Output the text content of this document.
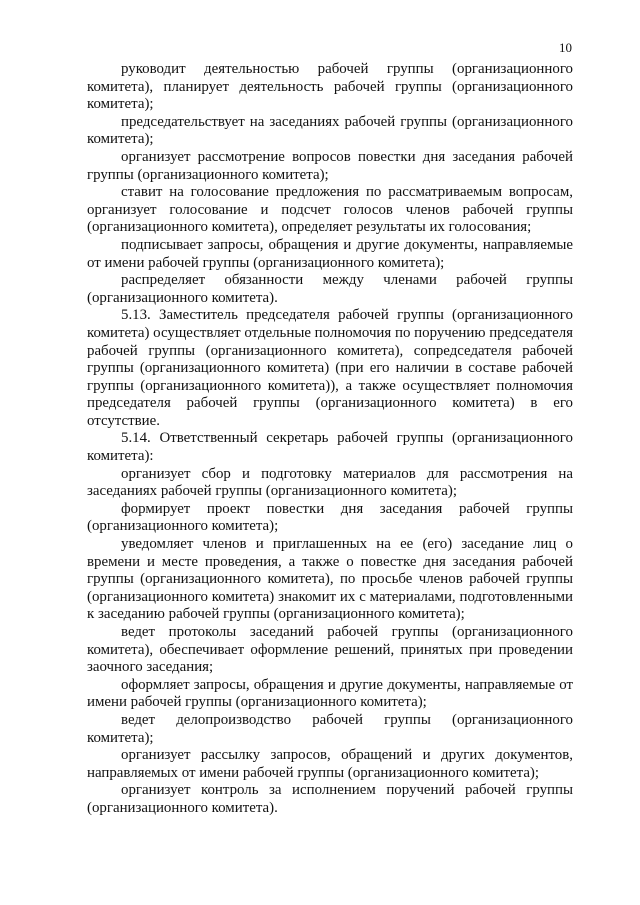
10

руководит деятельностью рабочей группы (организационного комитета), планирует деятельность рабочей группы (организационного комитета);

председательствует на заседаниях рабочей группы (организационного комитета);

организует рассмотрение вопросов повестки дня заседания рабочей группы (организационного комитета);

ставит на голосование предложения по рассматриваемым вопросам, организует голосование и подсчет голосов членов рабочей группы (организационного комитета), определяет результаты их голосования;

подписывает запросы, обращения и другие документы, направляемые от имени рабочей группы (организационного комитета);

распределяет обязанности между членами рабочей группы (организационного комитета).

5.13. Заместитель председателя рабочей группы (организационного комитета) осуществляет отдельные полномочия по поручению председателя рабочей группы (организационного комитета), сопредседателя рабочей группы (организационного комитета) (при его наличии в составе рабочей группы (организационного комитета)), а также осуществляет полномочия председателя рабочей группы (организационного комитета) в его отсутствие.

5.14. Ответственный секретарь рабочей группы (организационного комитета):

организует сбор и подготовку материалов для рассмотрения на заседаниях рабочей группы (организационного комитета);

формирует проект повестки дня заседания рабочей группы (организационного комитета);

уведомляет членов и приглашенных на ее (его) заседание лиц о времени и месте проведения, а также о повестке дня заседания рабочей группы (организационного комитета), по просьбе членов рабочей группы (организационного комитета) знакомит их с материалами, подготовленными к заседанию рабочей группы (организационного комитета);

ведет протоколы заседаний рабочей группы (организационного комитета), обеспечивает оформление решений, принятых при проведении заочного заседания;

оформляет запросы, обращения и другие документы, направляемые от имени рабочей группы (организационного комитета);

ведет делопроизводство рабочей группы (организационного комитета);

организует рассылку запросов, обращений и других документов, направляемых от имени рабочей группы (организационного комитета);

организует контроль за исполнением поручений рабочей группы (организационного комитета).
